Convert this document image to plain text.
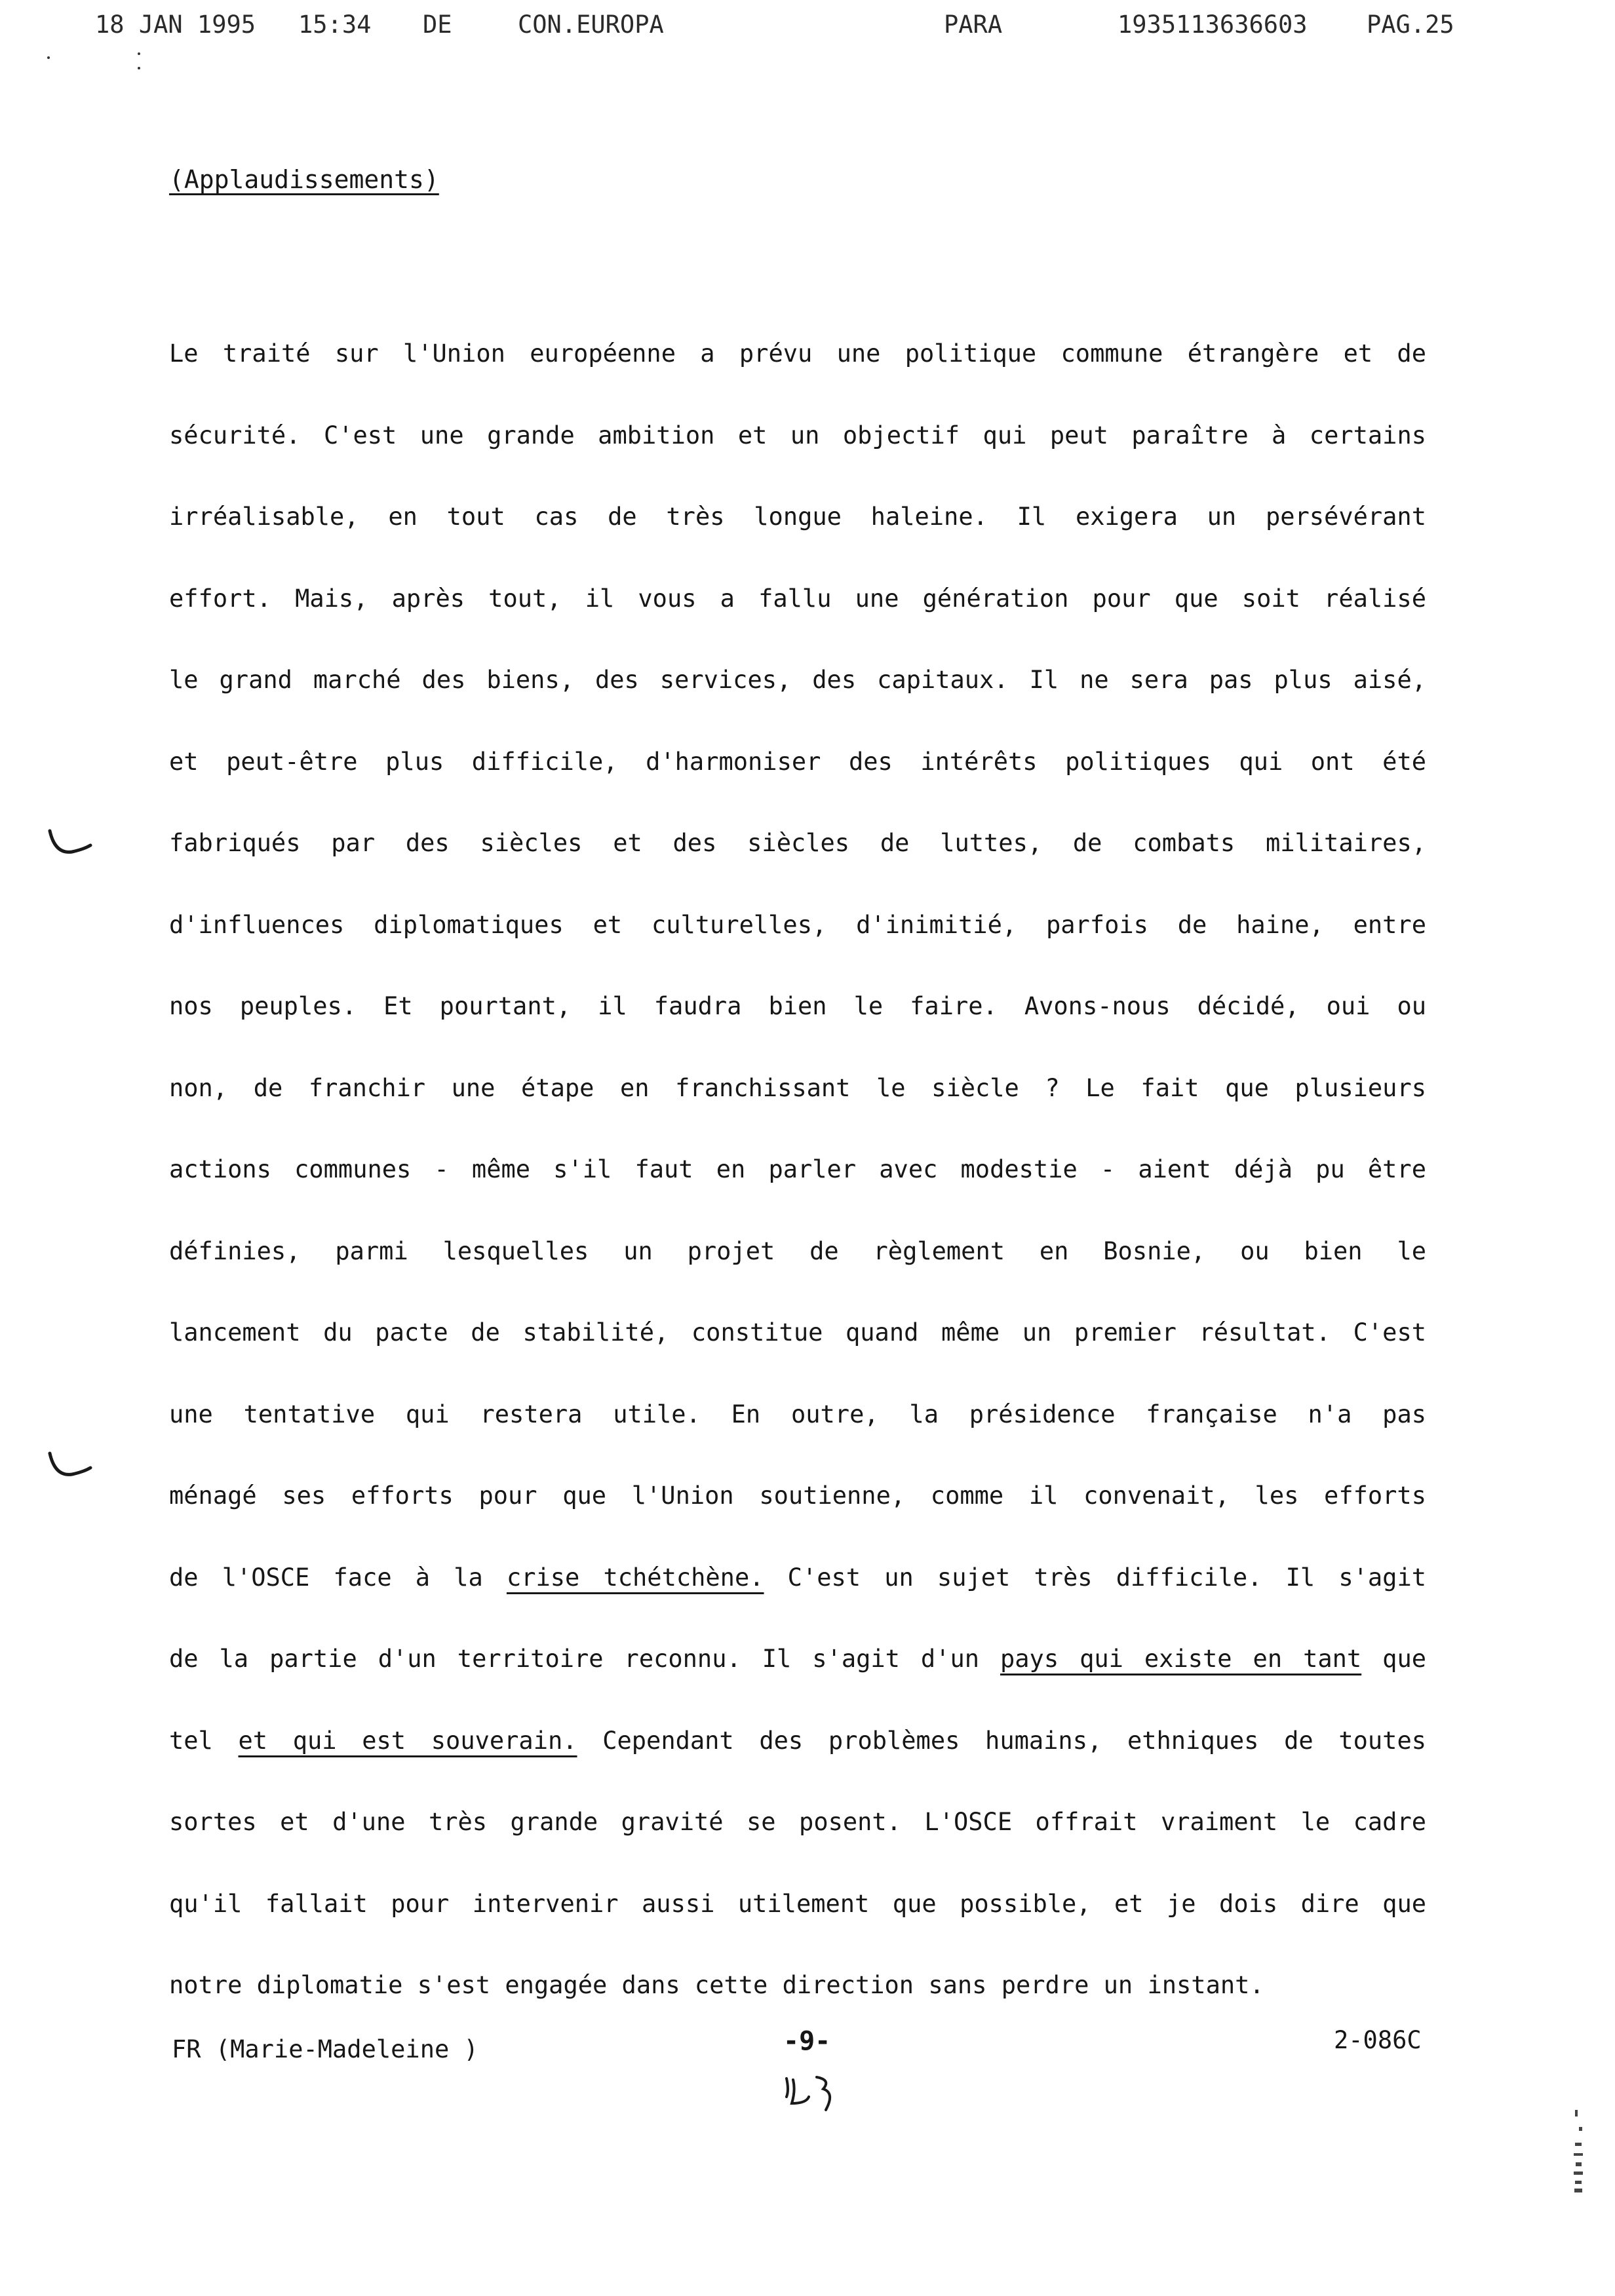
18 JAN 1995 15:34 DE	CON.EUROPA	PARA	1935113636603 PAG.25
(Applaudissements)
Le traité sur l'Union européenne a prévu une politique commune étrangère et de
sécurité. C'est une grande ambition et un objectif qui peut paraître à certains
irréalisable, en tout cas de très longue haleine. Il exigera un persévérant
effort. Mais, après tout, il vous a fallu une génération pour que soit réalisé
le grand marché des biens, des services, des capitaux. Il ne sera pas plus aisé,
et peut-être plus difficile, d'harmoniser des intérêts politiques qui ont été
fabriqués par des siècles et des siècles de luttes, de combats militaires,
d'influences diplomatiques et culturelles, d'inimitié, parfois de haine, entre
nos peuples. Et pourtant, il faudra bien le faire. Avons-nous décidé, oui ou
non, de franchir une étape en franchissant le siècle ? Le fait que plusieurs
actions communes - même s'il faut en parler avec modestie - aient déjà pu être
définies, parmi lesquelles un projet de règlement en Bosnie, ou bien le
lancement du pacte de stabilité, constitue quand même un premier résultat. C'est
une tentative qui restera utile. En outre, la présidence française n'a pas
ménagé ses efforts pour que l'Union soutienne, comme il convenait, les efforts
de l'OSCE face à la crise tchétchène. C'est un sujet très difficile. Il s'agit
de la partie d'un territoire reconnu. Il s'agit d'un pays qui existe en tant que
tel et qui est souverain. Cependant des problèmes humains, ethniques de toutes
sortes et d'une très grande gravité se posent. L'OSCE offrait vraiment le cadre
qu'il fallait pour intervenir aussi utilement que possible, et je dois dire que
notre diplomatie s'est engagée dans cette direction sans perdre un instant.
FR (Marie-Madeleine )	-9-	2-086C
